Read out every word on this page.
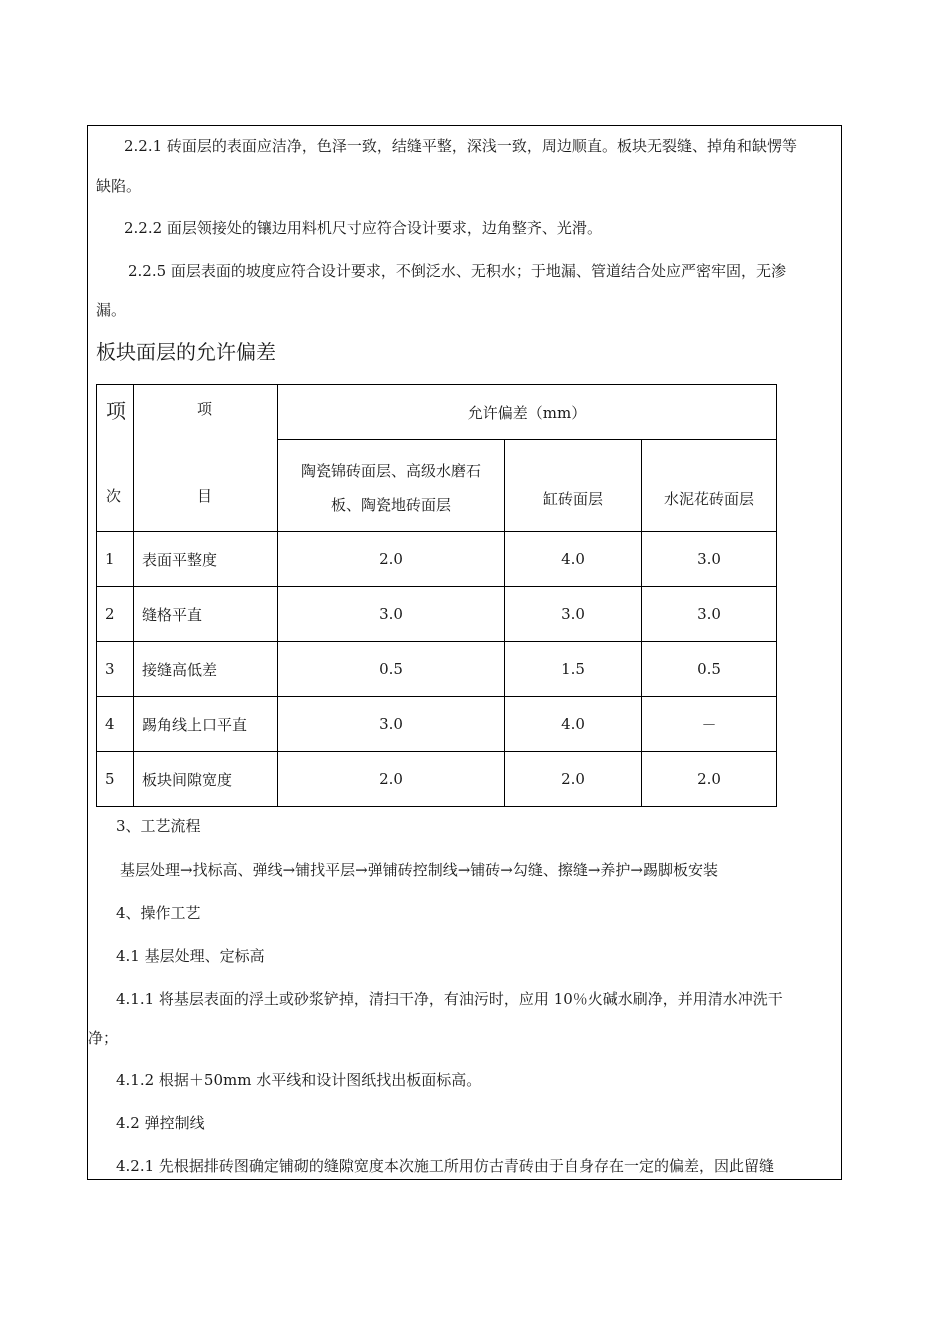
2.2.1 砖面层的表面应洁净，色泽一致，结缝平整，深浅一致，周边顺直。板块无裂缝、掉角和缺愣等
缺陷。
2.2.2 面层领接处的镶边用料机尺寸应符合设计要求，边角整齐、光滑。
2.2.5 面层表面的坡度应符合设计要求，不倒泛水、无积水；于地漏、管道结合处应严密牢固，无渗
漏。
板块面层的允许偏差
项
次	项
目	允许偏差（mm）		

		陶瓷锦砖面层、高级水磨石
板、陶瓷地砖面层	缸砖面层	水泥花砖面层
1	表面平整度	2.0	4.0	3.0
2	缝格平直	3.0	3.0	3.0
3	接缝高低差	0.5	1.5	0.5
4	踢角线上口平直	3.0	4.0	－
5	板块间隙宽度	2.0	2.0	2.0
3、工艺流程
基层处理→找标高、弹线→铺找平层→弹铺砖控制线→铺砖→勾缝、擦缝→养护→踢脚板安装
4、操作工艺
4.1 基层处理、定标高
4.1.1 将基层表面的浮土或砂浆铲掉，清扫干净，有油污时，应用 10％火碱水刷净，并用清水冲洗干
净；
4.1.2 根据＋50mm 水平线和设计图纸找出板面标高。
4.2 弹控制线
4.2.1 先根据排砖图确定铺砌的缝隙宽度本次施工所用仿古青砖由于自身存在一定的偏差，因此留缝
